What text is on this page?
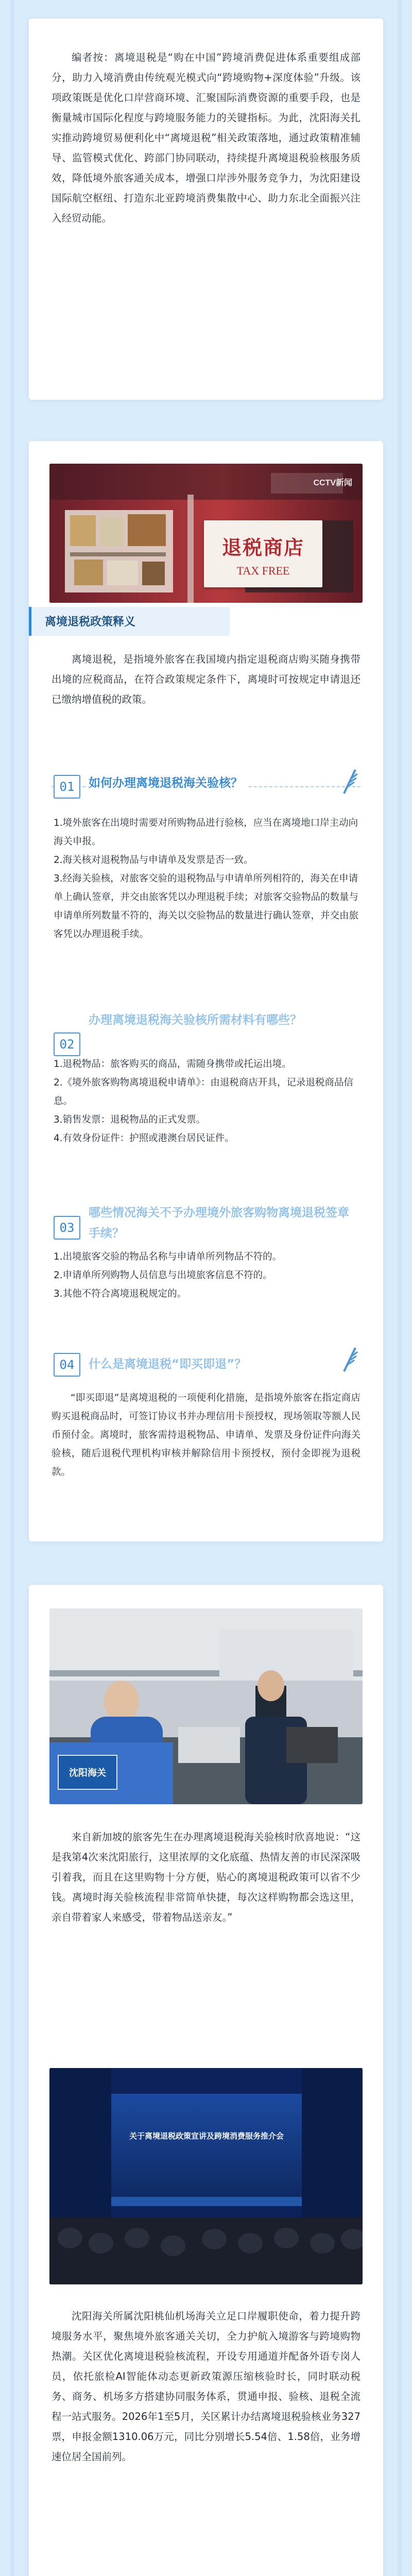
编者按：离境退税是“购在中国”跨境消费促进体系重要组成部分，助力入境消费由传统观光模式向“跨境购物+深度体验”升级。该项政策既是优化口岸营商环境、汇聚国际消费资源的重要手段，也是衡量城市国际化程度与跨境服务能力的关键指标。为此，沈阳海关扎实推动跨境贸易便利化中“离境退税”相关政策落地，通过政策精准辅导、监管模式优化、跨部门协同联动，持续提升离境退税验核服务质效，降低境外旅客通关成本，增强口岸涉外服务竞争力，为沈阳建设国际航空枢纽、打造东北亚跨境消费集散中心、助力东北全面振兴注入经贸动能。

CCTV新闻
退税商店
TAX FREE
离境退税政策释义

离境退税，是指境外旅客在我国境内指定退税商店购买随身携带出境的应税商品，在符合政策规定条件下，离境时可按规定申请退还已缴纳增值税的政策。

01	如何办理离境退税海关验核？
1.境外旅客在出境时需要对所购物品进行验核，应当在离境地口岸主动向海关申报。
2.海关核对退税物品与申请单及发票是否一致。
3.经海关验核，对旅客交验的退税物品与申请单所列相符的，海关在申请单上确认签章，并交由旅客凭以办理退税手续；对旅客交验物品的数量与申请单所列数量不符的，海关以交验物品的数量进行确认签章，并交由旅客凭以办理退税手续。
02
办理离境退税海关验核所需材料有哪些？
1.退税物品：旅客购买的商品，需随身携带或托运出境。
2.《境外旅客购物离境退税申请单》：由退税商店开具，记录退税商品信息。
3.销售发票：退税物品的正式发票。
4.有效身份证件：护照或港澳台居民证件。
03
哪些情况海关不予办理境外旅客购物离境退税签章手续？
1.出境旅客交验的物品名称与申请单所列物品不符的。
2.申请单所列购物人员信息与出境旅客信息不符的。
3.其他不符合离境退税规定的。
04	什么是离境退税“即买即退”？

“即买即退”是离境退税的一项便利化措施，是指境外旅客在指定商店购买退税商品时，可签订协议书并办理信用卡预授权，现场领取等额人民币预付金。离境时，旅客需持退税物品、申请单、发票及身份证件向海关验核，随后退税代理机构审核并解除信用卡预授权，预付金即视为退税款。

沈阳海关

来自新加坡的旅客先生在办理离境退税海关验核时欣喜地说：“这是我第4次来沈阳旅行，这里浓厚的文化底蕴、热情友善的市民深深吸引着我，而且在这里购物十分方便，贴心的离境退税政策可以省不少钱。离境时海关验核流程非常简单快捷，每次这样购物都会选这里，亲自带着家人来感受，带着物品送亲友。”

关于离境退税政策宣讲及跨境消费服务推介会

沈阳海关所属沈阳桃仙机场海关立足口岸履职使命，着力提升跨境服务水平，聚焦境外旅客通关关切，全力护航入境游客与跨境购物热潮。关区优化离境退税验核流程，开设专用通道并配备外语专岗人员，依托旅检AI智能体动态更新政策源压缩核验时长，同时联动税务、商务、机场多方搭建协同服务体系，贯通申报、验核、退税全流程一站式服务。2026年1至5月，关区累计办结离境退税验核业务327票，申报金额1310.06万元，同比分别增长5.54倍、1.58倍，业务增速位居全国前列。
